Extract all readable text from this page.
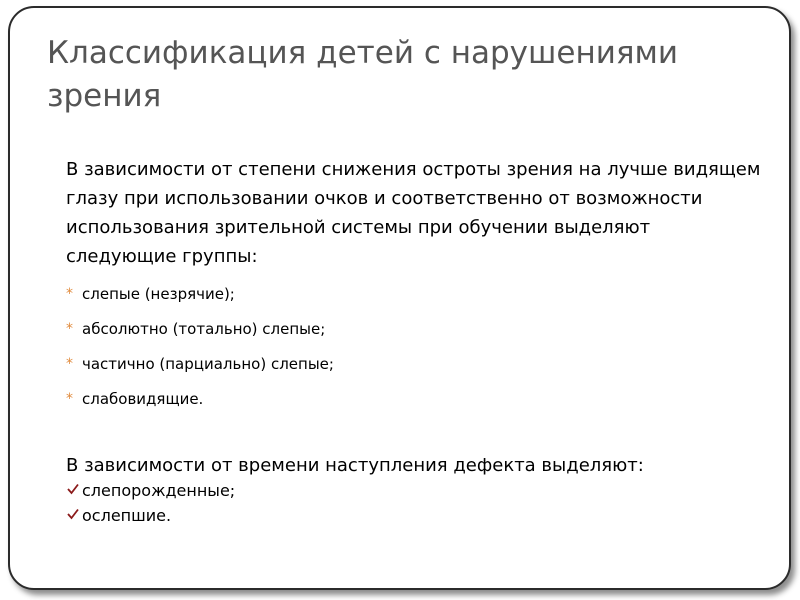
Классификация детей с нарушениями зрения

В зависимости от степени снижения остроты зрения на лучше видящем глазу при использовании очков и соответственно от возможности использования зрительной системы при обучении выделяют следующие группы:

* слепые (незрячие);
* абсолютно (тотально) слепые;
* частично (парциально) слепые;
* слабовидящие.

В зависимости от времени наступления дефекта выделяют:

слепорожденные;
ослепшие.
